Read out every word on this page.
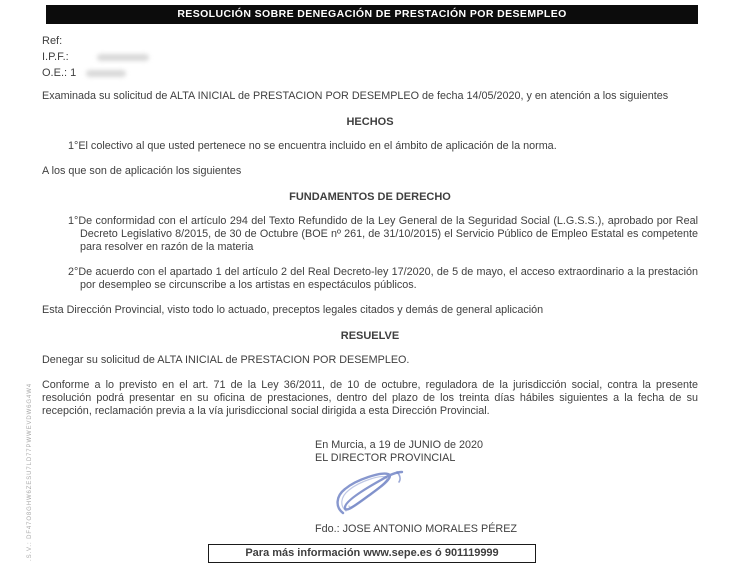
RESOLUCIÓN SOBRE DENEGACIÓN DE PRESTACIÓN POR DESEMPLEO
Ref:
I.P.F.:
O.E.: 1
Examinada su solicitud de ALTA INICIAL de PRESTACION POR DESEMPLEO de fecha 14/05/2020, y en atención a los siguientes
HECHOS
1°El colectivo al que usted pertenece no se encuentra incluido en el ámbito de aplicación de la norma.
A los que son de aplicación los siguientes
FUNDAMENTOS DE DERECHO
1°De conformidad con el artículo 294 del Texto Refundido de la Ley General de la Seguridad Social (L.G.S.S.), aprobado por Real Decreto Legislativo 8/2015, de 30 de Octubre (BOE nº 261, de 31/10/2015) el Servicio Público de Empleo Estatal es competente para resolver en razón de la materia
2°De acuerdo con el apartado 1 del artículo 2 del Real Decreto-ley 17/2020, de 5 de mayo, el acceso extraordinario a la prestación por desempleo se circunscribe a los artistas en espectáculos públicos.
Esta Dirección Provincial, visto todo lo actuado, preceptos legales citados y demás de general aplicación
RESUELVE
Denegar su solicitud de ALTA INICIAL de PRESTACION POR DESEMPLEO.
Conforme a lo previsto en el art. 71 de la Ley 36/2011, de 10 de octubre, reguladora de la jurisdicción social, contra la presente resolución podrá presentar en su oficina de prestaciones, dentro del plazo de los treinta días hábiles siguientes a la fecha de su recepción, reclamación previa a la vía jurisdiccional social dirigida a esta Dirección Provincial.
En Murcia, a 19 de JUNIO de 2020
EL DIRECTOR PROVINCIAL
Fdo.: JOSE ANTONIO MORALES PÉREZ
Para más información www.sepe.es ó 901119999
.S.V.: DF47O8GHW6ZESU7LD77PWWEVDW6G4W4
